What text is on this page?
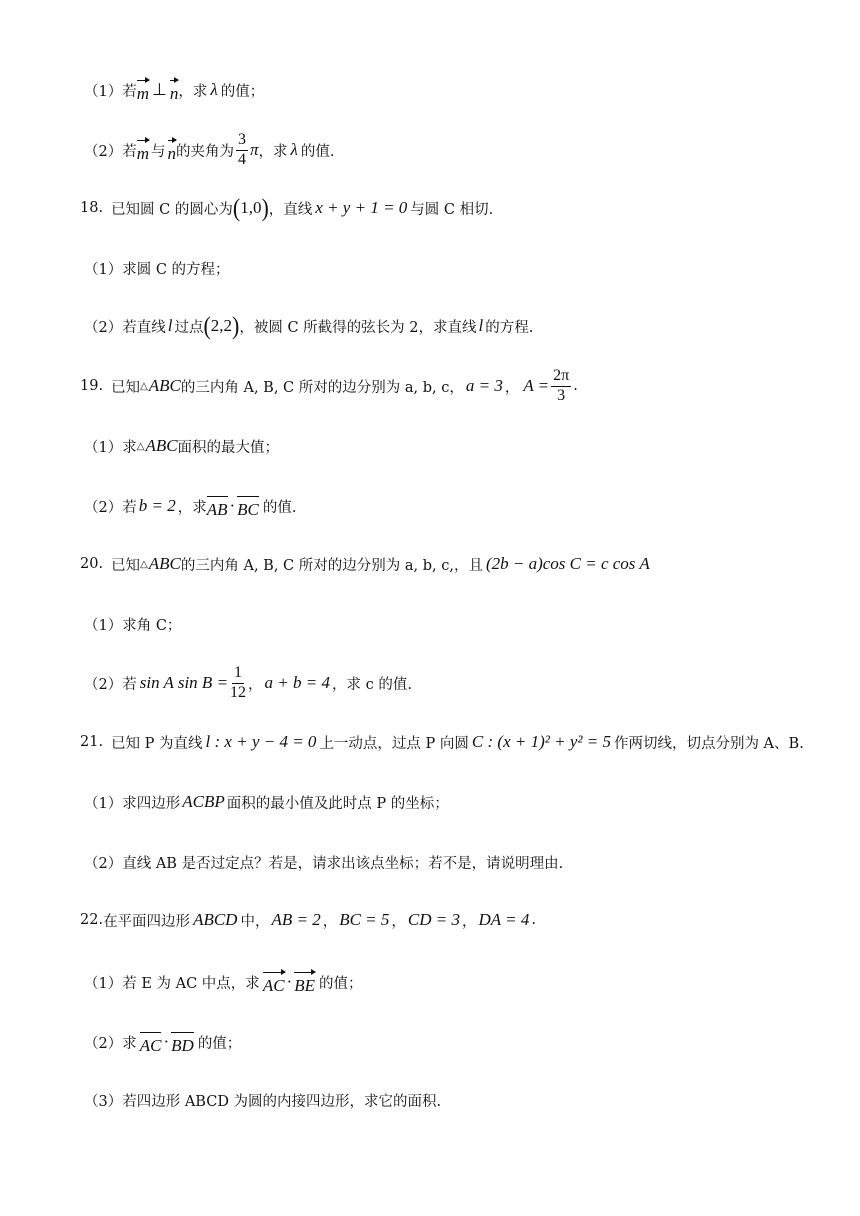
（1）若 m ⊥ n ，求 λ 的值；
（2）若 m 与 n 的夹角为 $\frac{3}{4}$ π ，求 λ 的值.
18. 已知圆 C 的圆心为 ( 1,0 ) ，直线 x + y + 1 = 0 与圆 C 相切.
（1）求圆 C 的方程；
（2）若直线 l 过点 ( 2,2 ) ，被圆 C 所截得的弦长为 2，求直线 l 的方程.
19. 已知 △ ABC 的三内角 A, B, C 所对的边分别为 a, b, c， a = 3 ， $A = \frac{2\pi}{3}$ .
（1）求 △ ABC 面积的最大值；
（2）若 b = 2 ，求 AB · BC 的值.
20. 已知 △ ABC 的三内角 A, B, C 所对的边分别为 a, b, c,，且 (2b − a)cos C = c cos A
（1）求角 C；
（2）若 sin A $\sin B = \frac{1}{12}$ ， a + b = 4 ，求 c 的值.
21. 已知 P 为直线 l : x + y − 4 = 0 上一动点，过点 P 向圆 C : (x + 1)² + y² = 5 作两切线，切点分别为 A、B.
（1）求四边形 ACBP 面积的最小值及此时点 P 的坐标；
（2）直线 AB 是否过定点？若是，请求出该点坐标；若不是，请说明理由.
22. 在平面四边形 ABCD 中， AB = 2 ， BC = 5 ， CD = 3 ， DA = 4 .
（1）若 E 为 AC 中点，求 AC · BE 的值；
（2）求 AC · BD 的值；
（3）若四边形 ABCD 为圆的内接四边形，求它的面积.
